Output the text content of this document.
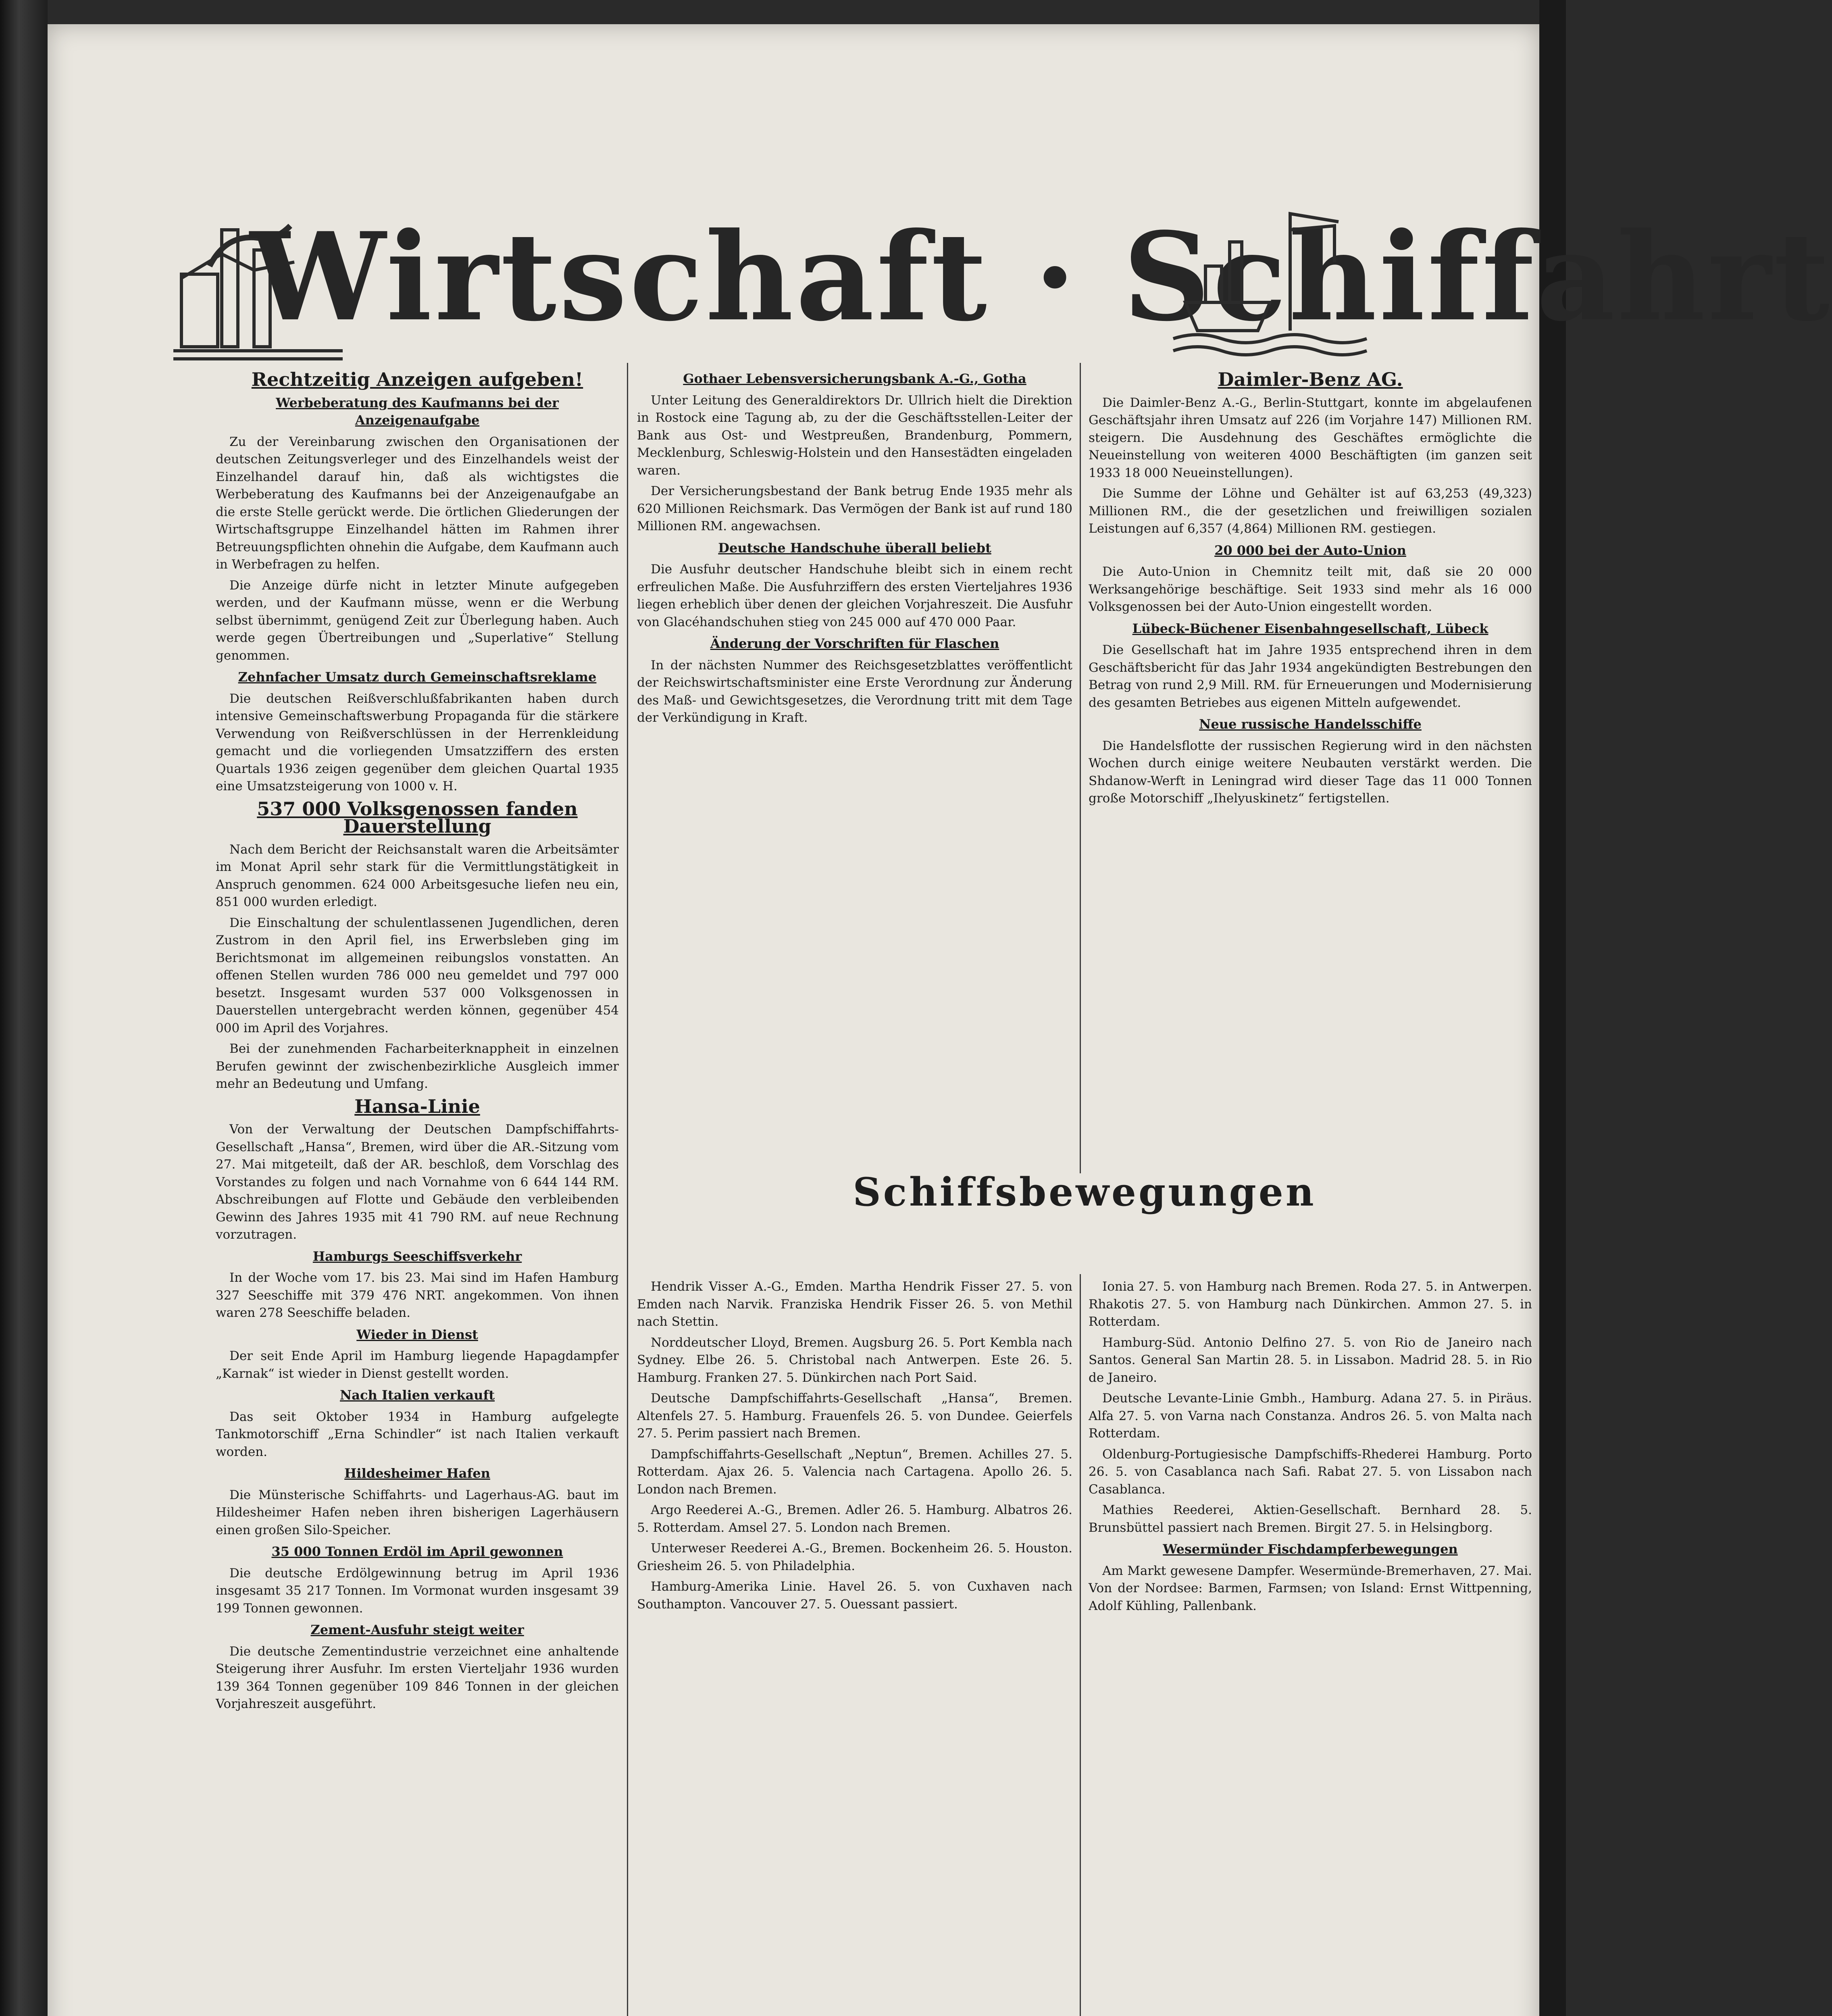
Wirtschaft · Schiffahrt
Rechtzeitig Anzeigen aufgeben!
Werbeberatung des Kaufmanns bei der Anzeigenaufgabe

Zu der Vereinbarung zwischen den Organisationen der deutschen Zeitungsverleger und des Einzelhandels weist der Einzelhandel darauf hin, daß als wichtigstes die Werbeberatung des Kaufmanns bei der Anzeigenaufgabe an die erste Stelle gerückt werde. Die örtlichen Gliederungen der Wirtschaftsgruppe Einzelhandel hätten im Rahmen ihrer Betreuungspflichten ohnehin die Aufgabe, dem Kaufmann auch in Werbefragen zu helfen.

Die Anzeige dürfe nicht in letzter Minute aufgegeben werden, und der Kaufmann müsse, wenn er die Werbung selbst übernimmt, genügend Zeit zur Überlegung haben. Auch werde gegen Übertreibungen und „Superlative“ Stellung genommen.

Zehnfacher Umsatz durch Gemeinschaftsreklame

Die deutschen Reißverschlußfabrikanten haben durch intensive Gemeinschaftswerbung Propaganda für die stärkere Verwendung von Reißverschlüssen in der Herrenkleidung gemacht und die vorliegenden Umsatzziffern des ersten Quartals 1936 zeigen gegenüber dem gleichen Quartal 1935 eine Umsatzsteigerung von 1000 v. H.

537 000 Volksgenossen fanden Dauerstellung

Nach dem Bericht der Reichsanstalt waren die Arbeitsämter im Monat April sehr stark für die Vermittlungstätigkeit in Anspruch genommen. 624 000 Arbeitsgesuche liefen neu ein, 851 000 wurden erledigt.

Die Einschaltung der schulentlassenen Jugendlichen, deren Zustrom in den April fiel, ins Erwerbsleben ging im Berichtsmonat im allgemeinen reibungslos vonstatten. An offenen Stellen wurden 786 000 neu gemeldet und 797 000 besetzt. Insgesamt wurden 537 000 Volksgenossen in Dauerstellen untergebracht werden können, gegenüber 454 000 im April des Vorjahres.

Bei der zunehmenden Facharbeiterknappheit in einzelnen Berufen gewinnt der zwischenbezirkliche Ausgleich immer mehr an Bedeutung und Umfang.

Hansa-Linie

Von der Verwaltung der Deutschen Dampfschiffahrts-Gesellschaft „Hansa“, Bremen, wird über die AR.-Sitzung vom 27. Mai mitgeteilt, daß der AR. beschloß, dem Vorschlag des Vorstandes zu folgen und nach Vornahme von 6 644 144 RM. Abschreibungen auf Flotte und Gebäude den verbleibenden Gewinn des Jahres 1935 mit 41 790 RM. auf neue Rechnung vorzutragen.

Hamburgs Seeschiffsverkehr

In der Woche vom 17. bis 23. Mai sind im Hafen Hamburg 327 Seeschiffe mit 379 476 NRT. angekommen. Von ihnen waren 278 Seeschiffe beladen.

Wieder in Dienst

Der seit Ende April im Hamburg liegende Hapagdampfer „Karnak“ ist wieder in Dienst gestellt worden.

Nach Italien verkauft

Das seit Oktober 1934 in Hamburg aufgelegte Tankmotorschiff „Erna Schindler“ ist nach Italien verkauft worden.

Hildesheimer Hafen

Die Münsterische Schiffahrts- und Lagerhaus-AG. baut im Hildesheimer Hafen neben ihren bisherigen Lagerhäusern einen großen Silo-Speicher.

35 000 Tonnen Erdöl im April gewonnen

Die deutsche Erdölgewinnung betrug im April 1936 insgesamt 35 217 Tonnen. Im Vormonat wurden insgesamt 39 199 Tonnen gewonnen.

Zement-Ausfuhr steigt weiter

Die deutsche Zementindustrie verzeichnet eine anhaltende Steigerung ihrer Ausfuhr. Im ersten Vierteljahr 1936 wurden 139 364 Tonnen gegenüber 109 846 Tonnen in der gleichen Vorjahreszeit ausgeführt.

Gothaer Lebensversicherungsbank A.-G., Gotha

Unter Leitung des Generaldirektors Dr. Ullrich hielt die Direktion in Rostock eine Tagung ab, zu der die Geschäftsstellen-Leiter der Bank aus Ost- und Westpreußen, Brandenburg, Pommern, Mecklenburg, Schleswig-Holstein und den Hansestädten eingeladen waren.

Der Versicherungsbestand der Bank betrug Ende 1935 mehr als 620 Millionen Reichsmark. Das Vermögen der Bank ist auf rund 180 Millionen RM. angewachsen.

Deutsche Handschuhe überall beliebt

Die Ausfuhr deutscher Handschuhe bleibt sich in einem recht erfreulichen Maße. Die Ausfuhrziffern des ersten Vierteljahres 1936 liegen erheblich über denen der gleichen Vorjahreszeit. Die Ausfuhr von Glacéhandschuhen stieg von 245 000 auf 470 000 Paar.

Änderung der Vorschriften für Flaschen

In der nächsten Nummer des Reichsgesetzblattes veröffentlicht der Reichswirtschaftsminister eine Erste Verordnung zur Änderung des Maß- und Gewichtsgesetzes, die Verordnung tritt mit dem Tage der Verkündigung in Kraft.

Daimler-Benz AG.

Die Daimler-Benz A.-G., Berlin-Stuttgart, konnte im abgelaufenen Geschäftsjahr ihren Umsatz auf 226 (im Vorjahre 147) Millionen RM. steigern. Die Ausdehnung des Geschäftes ermöglichte die Neueinstellung von weiteren 4000 Beschäftigten (im ganzen seit 1933 18 000 Neueinstellungen).

Die Summe der Löhne und Gehälter ist auf 63,253 (49,323) Millionen RM., die der gesetzlichen und freiwilligen sozialen Leistungen auf 6,357 (4,864) Millionen RM. gestiegen.

20 000 bei der Auto-Union

Die Auto-Union in Chemnitz teilt mit, daß sie 20 000 Werksangehörige beschäftige. Seit 1933 sind mehr als 16 000 Volksgenossen bei der Auto-Union eingestellt worden.

Lübeck-Büchener Eisenbahngesellschaft, Lübeck

Die Gesellschaft hat im Jahre 1935 entsprechend ihren in dem Geschäftsbericht für das Jahr 1934 angekündigten Bestrebungen den Betrag von rund 2,9 Mill. RM. für Erneuerungen und Modernisierung des gesamten Betriebes aus eigenen Mitteln aufgewendet.

Neue russische Handelsschiffe

Die Handelsflotte der russischen Regierung wird in den nächsten Wochen durch einige weitere Neubauten verstärkt werden. Die Shdanow-Werft in Leningrad wird dieser Tage das 11 000 Tonnen große Motorschiff „Ihelyuskinetz“ fertigstellen.

Schiffsbewegungen

Hendrik Visser A.-G., Emden. Martha Hendrik Fisser 27. 5. von Emden nach Narvik. Franziska Hendrik Fisser 26. 5. von Methil nach Stettin.

Norddeutscher Lloyd, Bremen. Augsburg 26. 5. Port Kembla nach Sydney. Elbe 26. 5. Christobal nach Antwerpen. Este 26. 5. Hamburg. Franken 27. 5. Dünkirchen nach Port Said.

Deutsche Dampfschiffahrts-Gesellschaft „Hansa“, Bremen. Altenfels 27. 5. Hamburg. Frauenfels 26. 5. von Dundee. Geierfels 27. 5. Perim passiert nach Bremen.

Dampfschiffahrts-Gesellschaft „Neptun“, Bremen. Achilles 27. 5. Rotterdam. Ajax 26. 5. Valencia nach Cartagena. Apollo 26. 5. London nach Bremen.

Argo Reederei A.-G., Bremen. Adler 26. 5. Hamburg. Albatros 26. 5. Rotterdam. Amsel 27. 5. London nach Bremen.

Unterweser Reederei A.-G., Bremen. Bockenheim 26. 5. Houston. Griesheim 26. 5. von Philadelphia.

Hamburg-Amerika Linie. Havel 26. 5. von Cuxhaven nach Southampton. Vancouver 27. 5. Ouessant passiert.

Ionia 27. 5. von Hamburg nach Bremen. Roda 27. 5. in Antwerpen. Rhakotis 27. 5. von Hamburg nach Dünkirchen. Ammon 27. 5. in Rotterdam.

Hamburg-Süd. Antonio Delfino 27. 5. von Rio de Janeiro nach Santos. General San Martin 28. 5. in Lissabon. Madrid 28. 5. in Rio de Janeiro.

Deutsche Levante-Linie Gmbh., Hamburg. Adana 27. 5. in Piräus. Alfa 27. 5. von Varna nach Constanza. Andros 26. 5. von Malta nach Rotterdam.

Oldenburg-Portugiesische Dampfschiffs-Rhederei Hamburg. Porto 26. 5. von Casablanca nach Safi. Rabat 27. 5. von Lissabon nach Casablanca.

Mathies Reederei, Aktien-Gesellschaft. Bernhard 28. 5. Brunsbüttel passiert nach Bremen. Birgit 27. 5. in Helsingborg.

Wesermünder Fischdampferbewegungen

Am Markt gewesene Dampfer. Wesermünde-Bremerhaven, 27. Mai. Von der Nordsee: Barmen, Farmsen; von Island: Ernst Wittpenning, Adolf Kühling, Pallenbank.
